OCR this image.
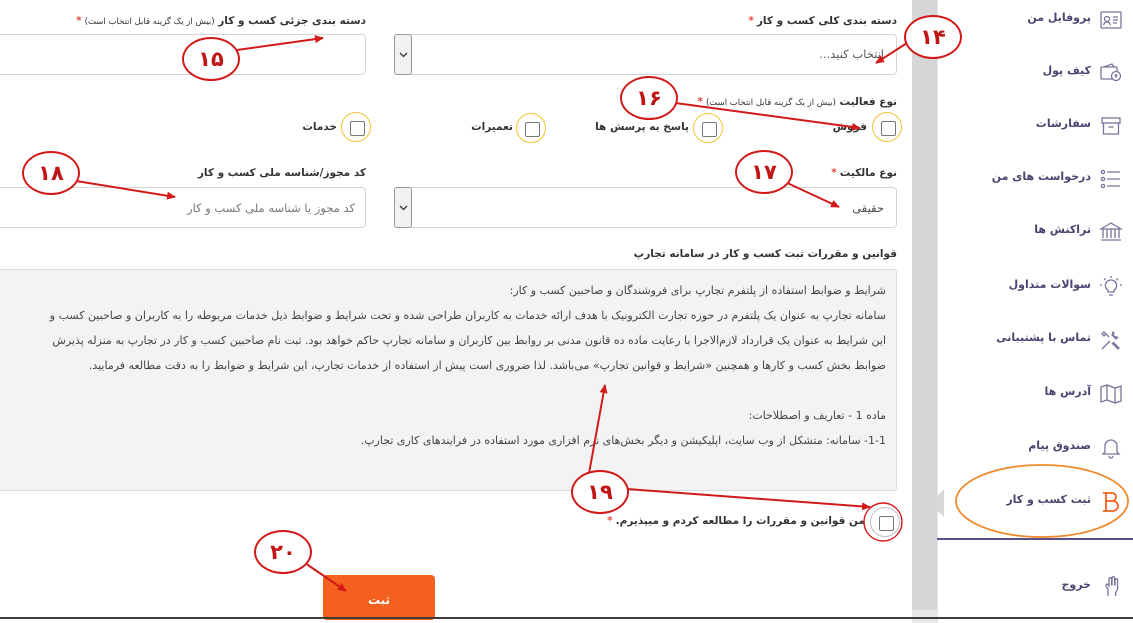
پروفایل من
کیف پول
سفارشات
درخواست های من
تراکنش ها
سوالات متداول
تماس با پشتیبانی
آدرس ها
صندوق پیام
ثبت کسب و کار
خروج
دسته بندی کلی کسب و کار*
انتخاب کنید...
دسته بندی جزئی کسب و کار (بیش از یک گزینه قابل انتخاب است)*
نوع فعالیت (بیش از یک گزینه قابل انتخاب است)*
فروش
پاسخ به پرسش ها
تعمیرات
خدمات
نوع مالکیت*
حقیقی
کد مجوز/شناسه ملی کسب و کار
کد مجوز یا شناسه ملی کسب و کار
قوانین و مقررات ثبت کسب و کار در سامانه تجارپ
شرایط و ضوابط استفاده از پلتفرم تجارپ برای فروشندگان و صاحبین کسب و کار:
سامانه تجارپ به عنوان یک پلتفرم در حوزه تجارت الکترونیک با هدف ارائه خدمات به کاربران طراحی شده و تحت شرایط و ضوابط ذیل خدمات مربوطه را به کاربران و صاحبین کسب و
این شرایط به عنوان یک قرارداد لازم‌الاجرا با رعایت ماده ده قانون مدنی بر روابط بین کاربران و سامانه تجارپ حاکم خواهد بود. ثبت نام صاحبین کسب و کار در تجارپ به منزله پذیرش
ضوابط بخش کسب و کارها و همچنین «شرایط و قوانین تجارپ» می‌باشد. لذا ضروری است پیش از استفاده از خدمات تجارپ، این شرایط و ضوابط را به دقت مطالعه فرمایید.
ماده 1 - تعاریف و اصطلاحات:
1-1- سامانه: متشکل از وب سایت، اپلیکیشن و دیگر بخش‌های نرم افزاری مورد استفاده در فرایندهای کاری تجارپ.
من قوانین و مقررات را مطالعه کردم و میپذیرم.*
ثبت
۱۴
۱۵
۱۶
۱۷
۱۸
۱۹
۲۰
